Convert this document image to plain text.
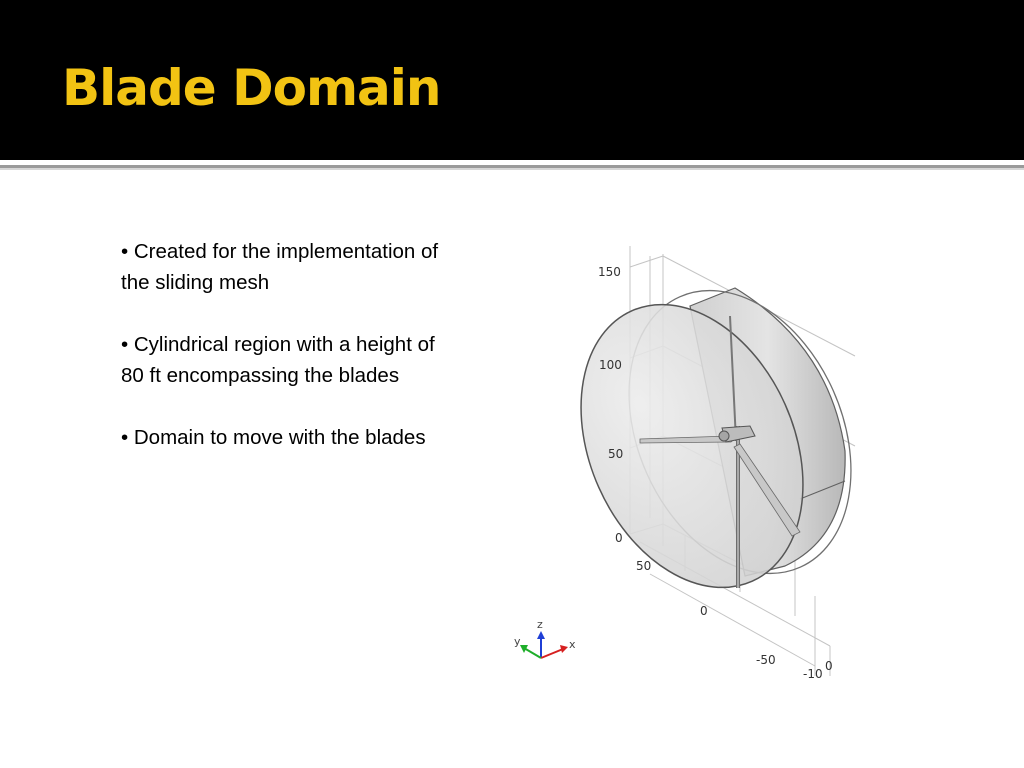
Blade Domain
• Created for the implementation of the sliding mesh
• Cylindrical region with a height of 80 ft encompassing the blades
• Domain to move with the blades
150
100
50
0
50
0
-50
-10
0
z
y	x
